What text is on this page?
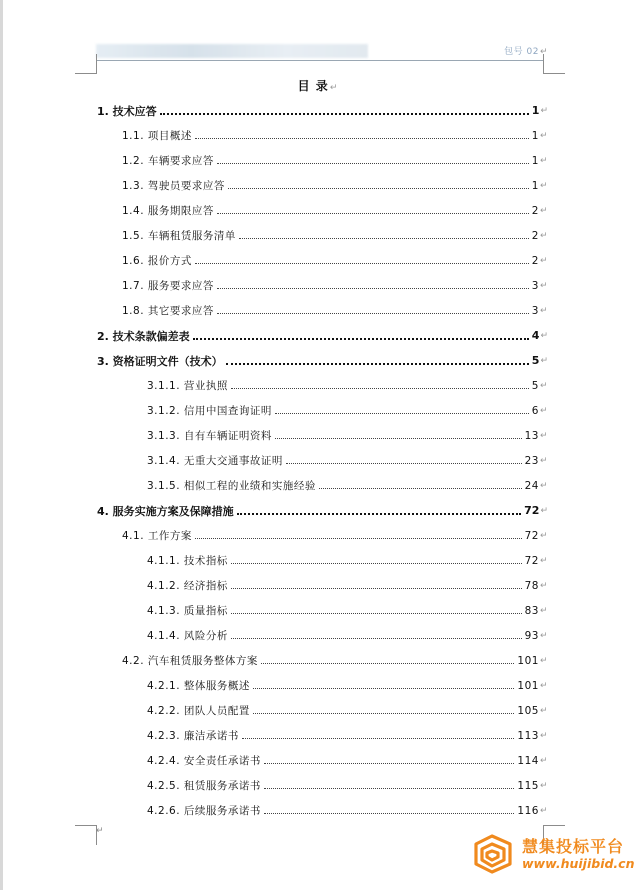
包号 02↵
目 录↵
1. 技术应答	1 ↵
1.1. 项目概述	1 ↵
1.2. 车辆要求应答	1 ↵
1.3. 驾驶员要求应答	1 ↵
1.4. 服务期限应答	2 ↵
1.5. 车辆租赁服务清单	2 ↵
1.6. 报价方式	2 ↵
1.7. 服务要求应答	3 ↵
1.8. 其它要求应答	3 ↵
2. 技术条款偏差表	4 ↵
3. 资格证明文件（技术）	5 ↵
3.1.1. 营业执照	5 ↵
3.1.2. 信用中国查询证明	6 ↵
3.1.3. 自有车辆证明资料	13 ↵
3.1.4. 无重大交通事故证明	23 ↵
3.1.5. 相似工程的业绩和实施经验	24 ↵
4. 服务实施方案及保障措施	72 ↵
4.1. 工作方案	72 ↵
4.1.1. 技术指标	72 ↵
4.1.2. 经济指标	78 ↵
4.1.3. 质量指标	83 ↵
4.1.4. 风险分析	93 ↵
4.2. 汽车租赁服务整体方案	101 ↵
4.2.1. 整体服务概述	101 ↵
4.2.2. 团队人员配置	105 ↵
4.2.3. 廉洁承诺书	113 ↵
4.2.4. 安全责任承诺书	114 ↵
4.2.5. 租赁服务承诺书	115 ↵
4.2.6. 后续服务承诺书	116 ↵
↵
慧集投标平台
www.huijibid.cn
